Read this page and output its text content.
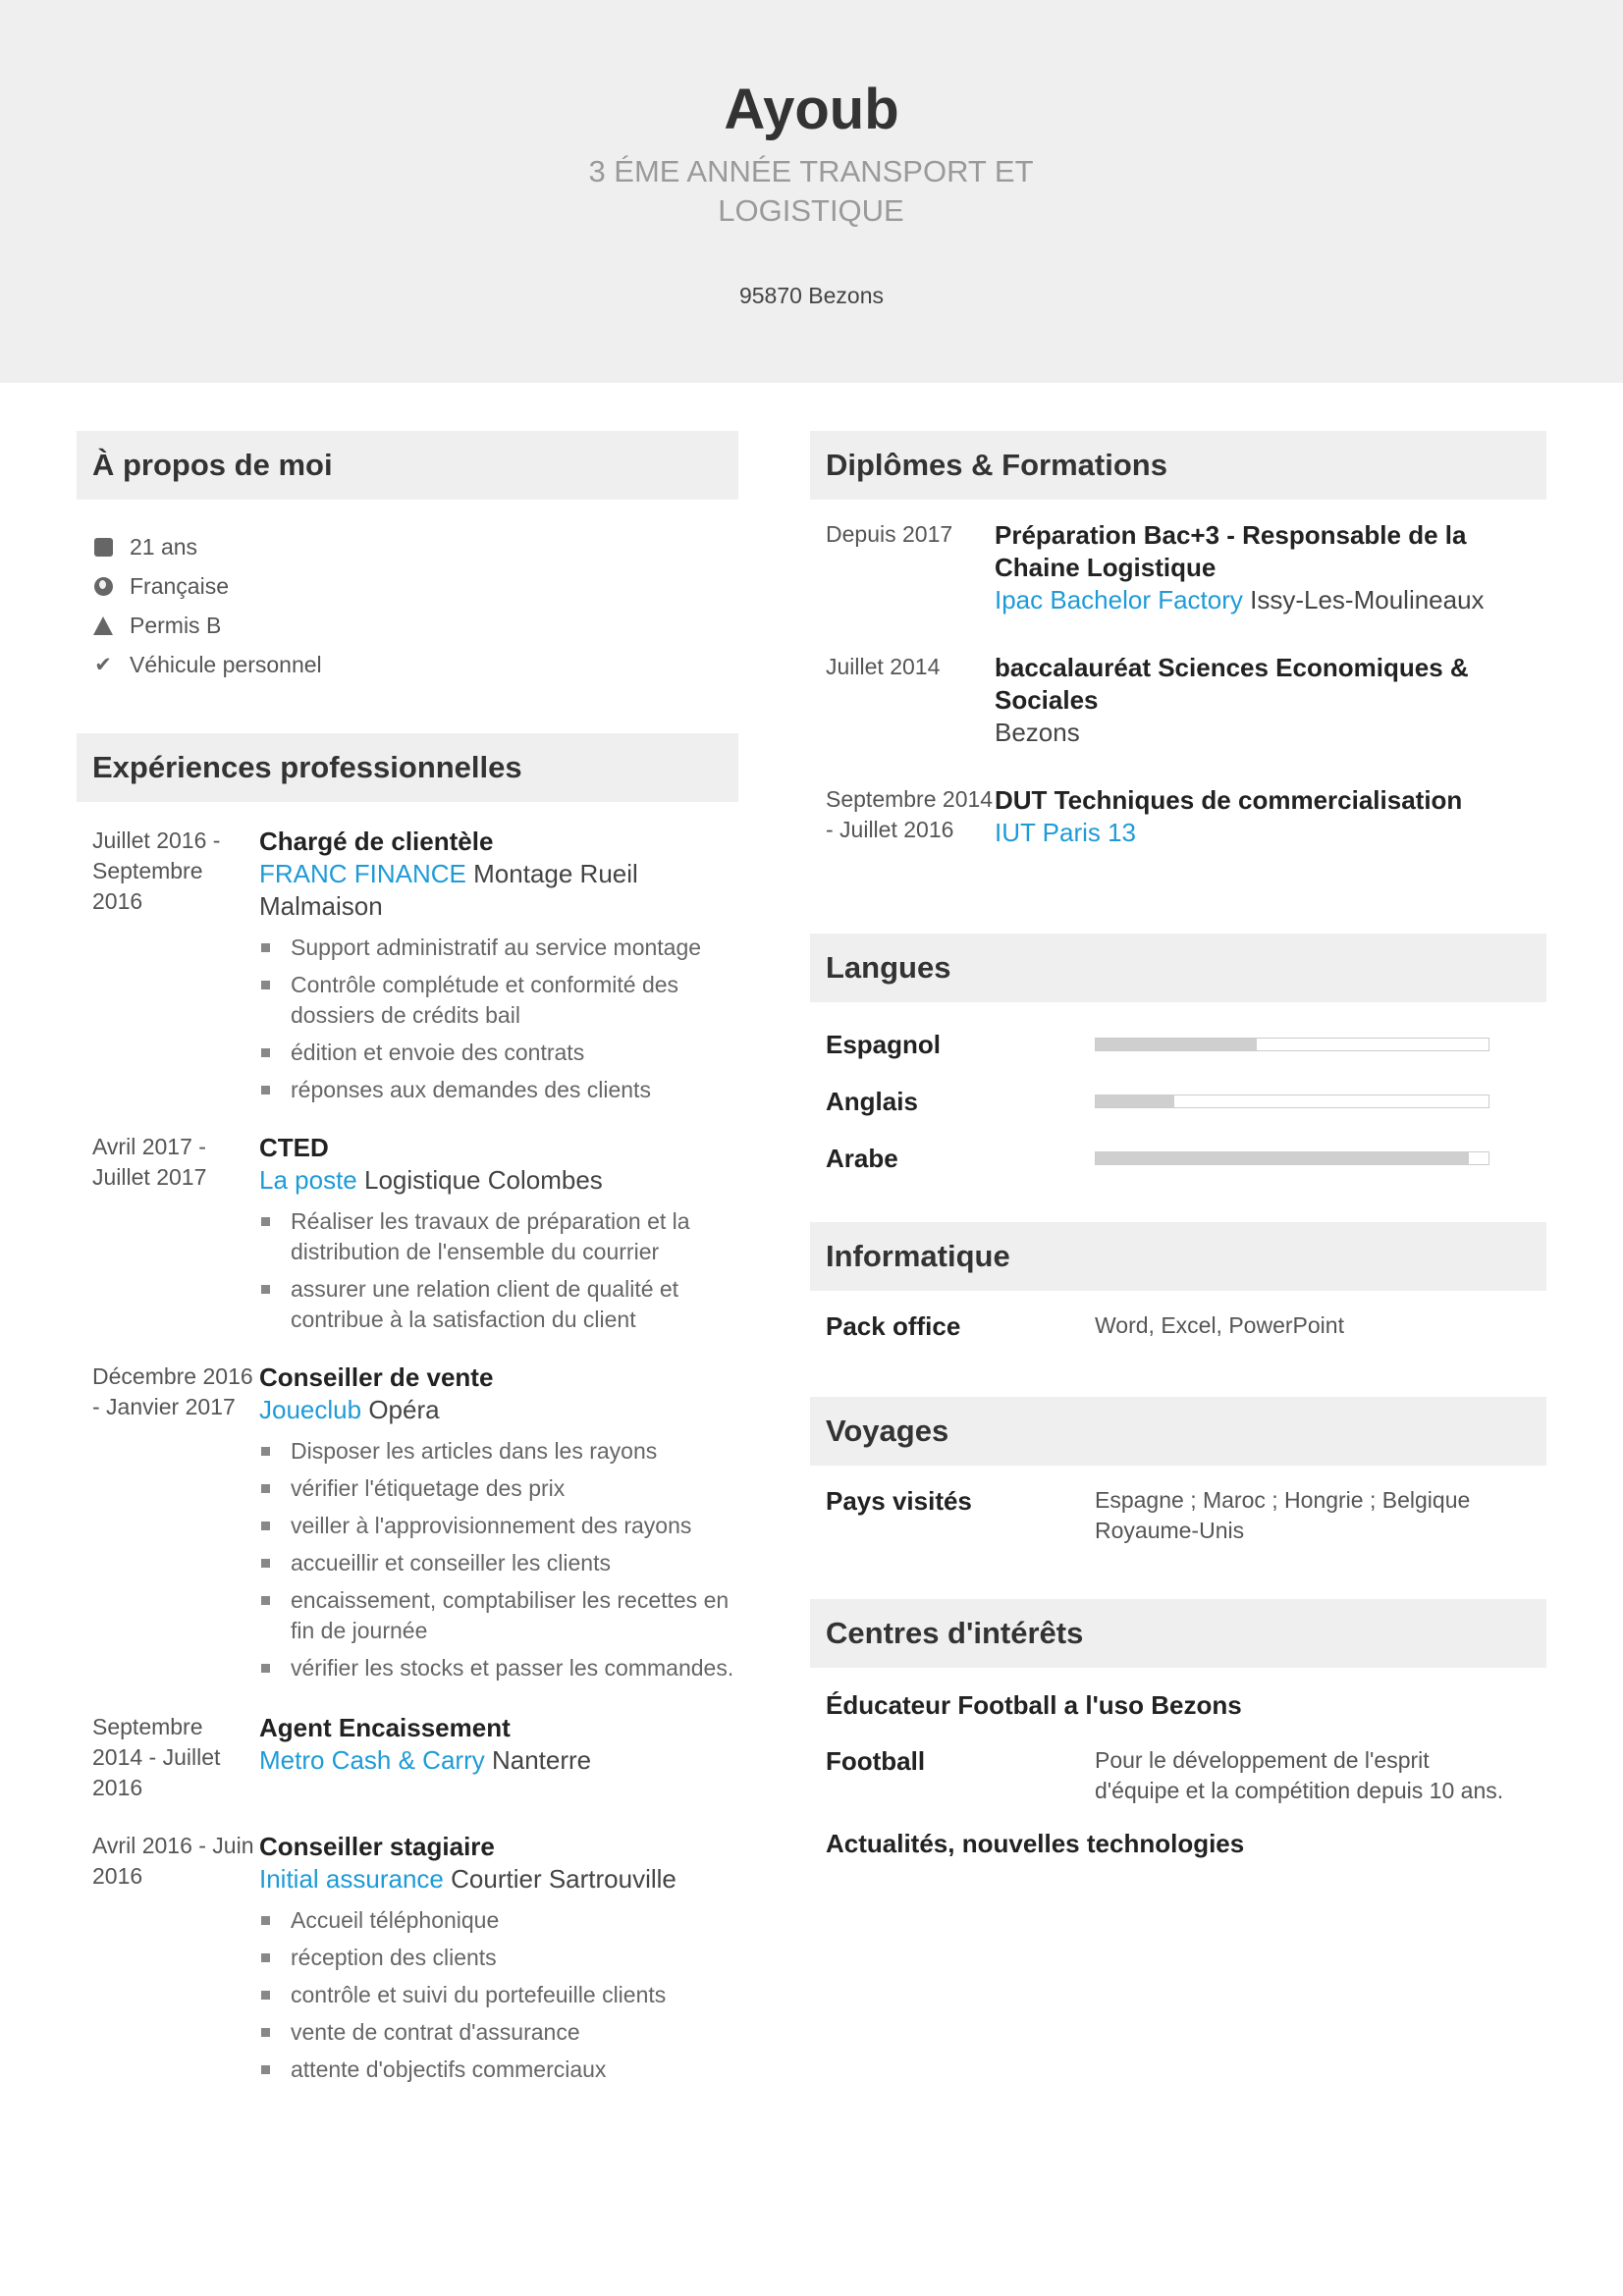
Ayoub
3 ÉME ANNÉE TRANSPORT ET LOGISTIQUE
95870 Bezons
À propos de moi
21 ans
Française
Permis B
✔ Véhicule personnel
Expériences professionnelles
Juillet 2016 - Septembre 2016
Chargé de clientèle
FRANC FINANCE Montage Rueil Malmaison
Support administratif au service montage
Contrôle complétude et conformité des dossiers de crédits bail
édition et envoie des contrats
réponses aux demandes des clients
Avril 2017 - Juillet 2017
CTED
La poste Logistique Colombes
Réaliser les travaux de préparation et la distribution de l'ensemble du courrier
assurer une relation client de qualité et contribue à la satisfaction du client
Décembre 2016 - Janvier 2017
Conseiller de vente
Joueclub Opéra
Disposer les articles dans les rayons
vérifier l'étiquetage des prix
veiller à l'approvisionnement des rayons
accueillir et conseiller les clients
encaissement, comptabiliser les recettes en fin de journée
vérifier les stocks et passer les commandes.
Septembre 2014 - Juillet 2016
Agent Encaissement
Metro Cash & Carry Nanterre
Avril 2016 - Juin 2016
Conseiller stagiaire
Initial assurance Courtier Sartrouville
Accueil téléphonique
réception des clients
contrôle et suivi du portefeuille clients
vente de contrat d'assurance
attente d'objectifs commerciaux
Diplômes & Formations
Depuis 2017	Préparation Bac+3 - Responsable de la Chaine Logistique
Ipac Bachelor Factory Issy-Les-Moulineaux
Juillet 2014	baccalauréat Sciences Economiques & Sociales
Bezons
Septembre 2014 - Juillet 2016
DUT Techniques de commercialisation
IUT Paris 13
Langues
Espagnol
Anglais
Arabe
Informatique
Pack office	Word, Excel, PowerPoint
Voyages
Pays visités	Espagne ; Maroc ; Hongrie ; Belgique Royaume-Unis
Centres d'intérêts
Éducateur Football a l'uso Bezons
Football	Pour le développement de l'esprit d'équipe et la compétition depuis 10 ans.
Actualités, nouvelles technologies
